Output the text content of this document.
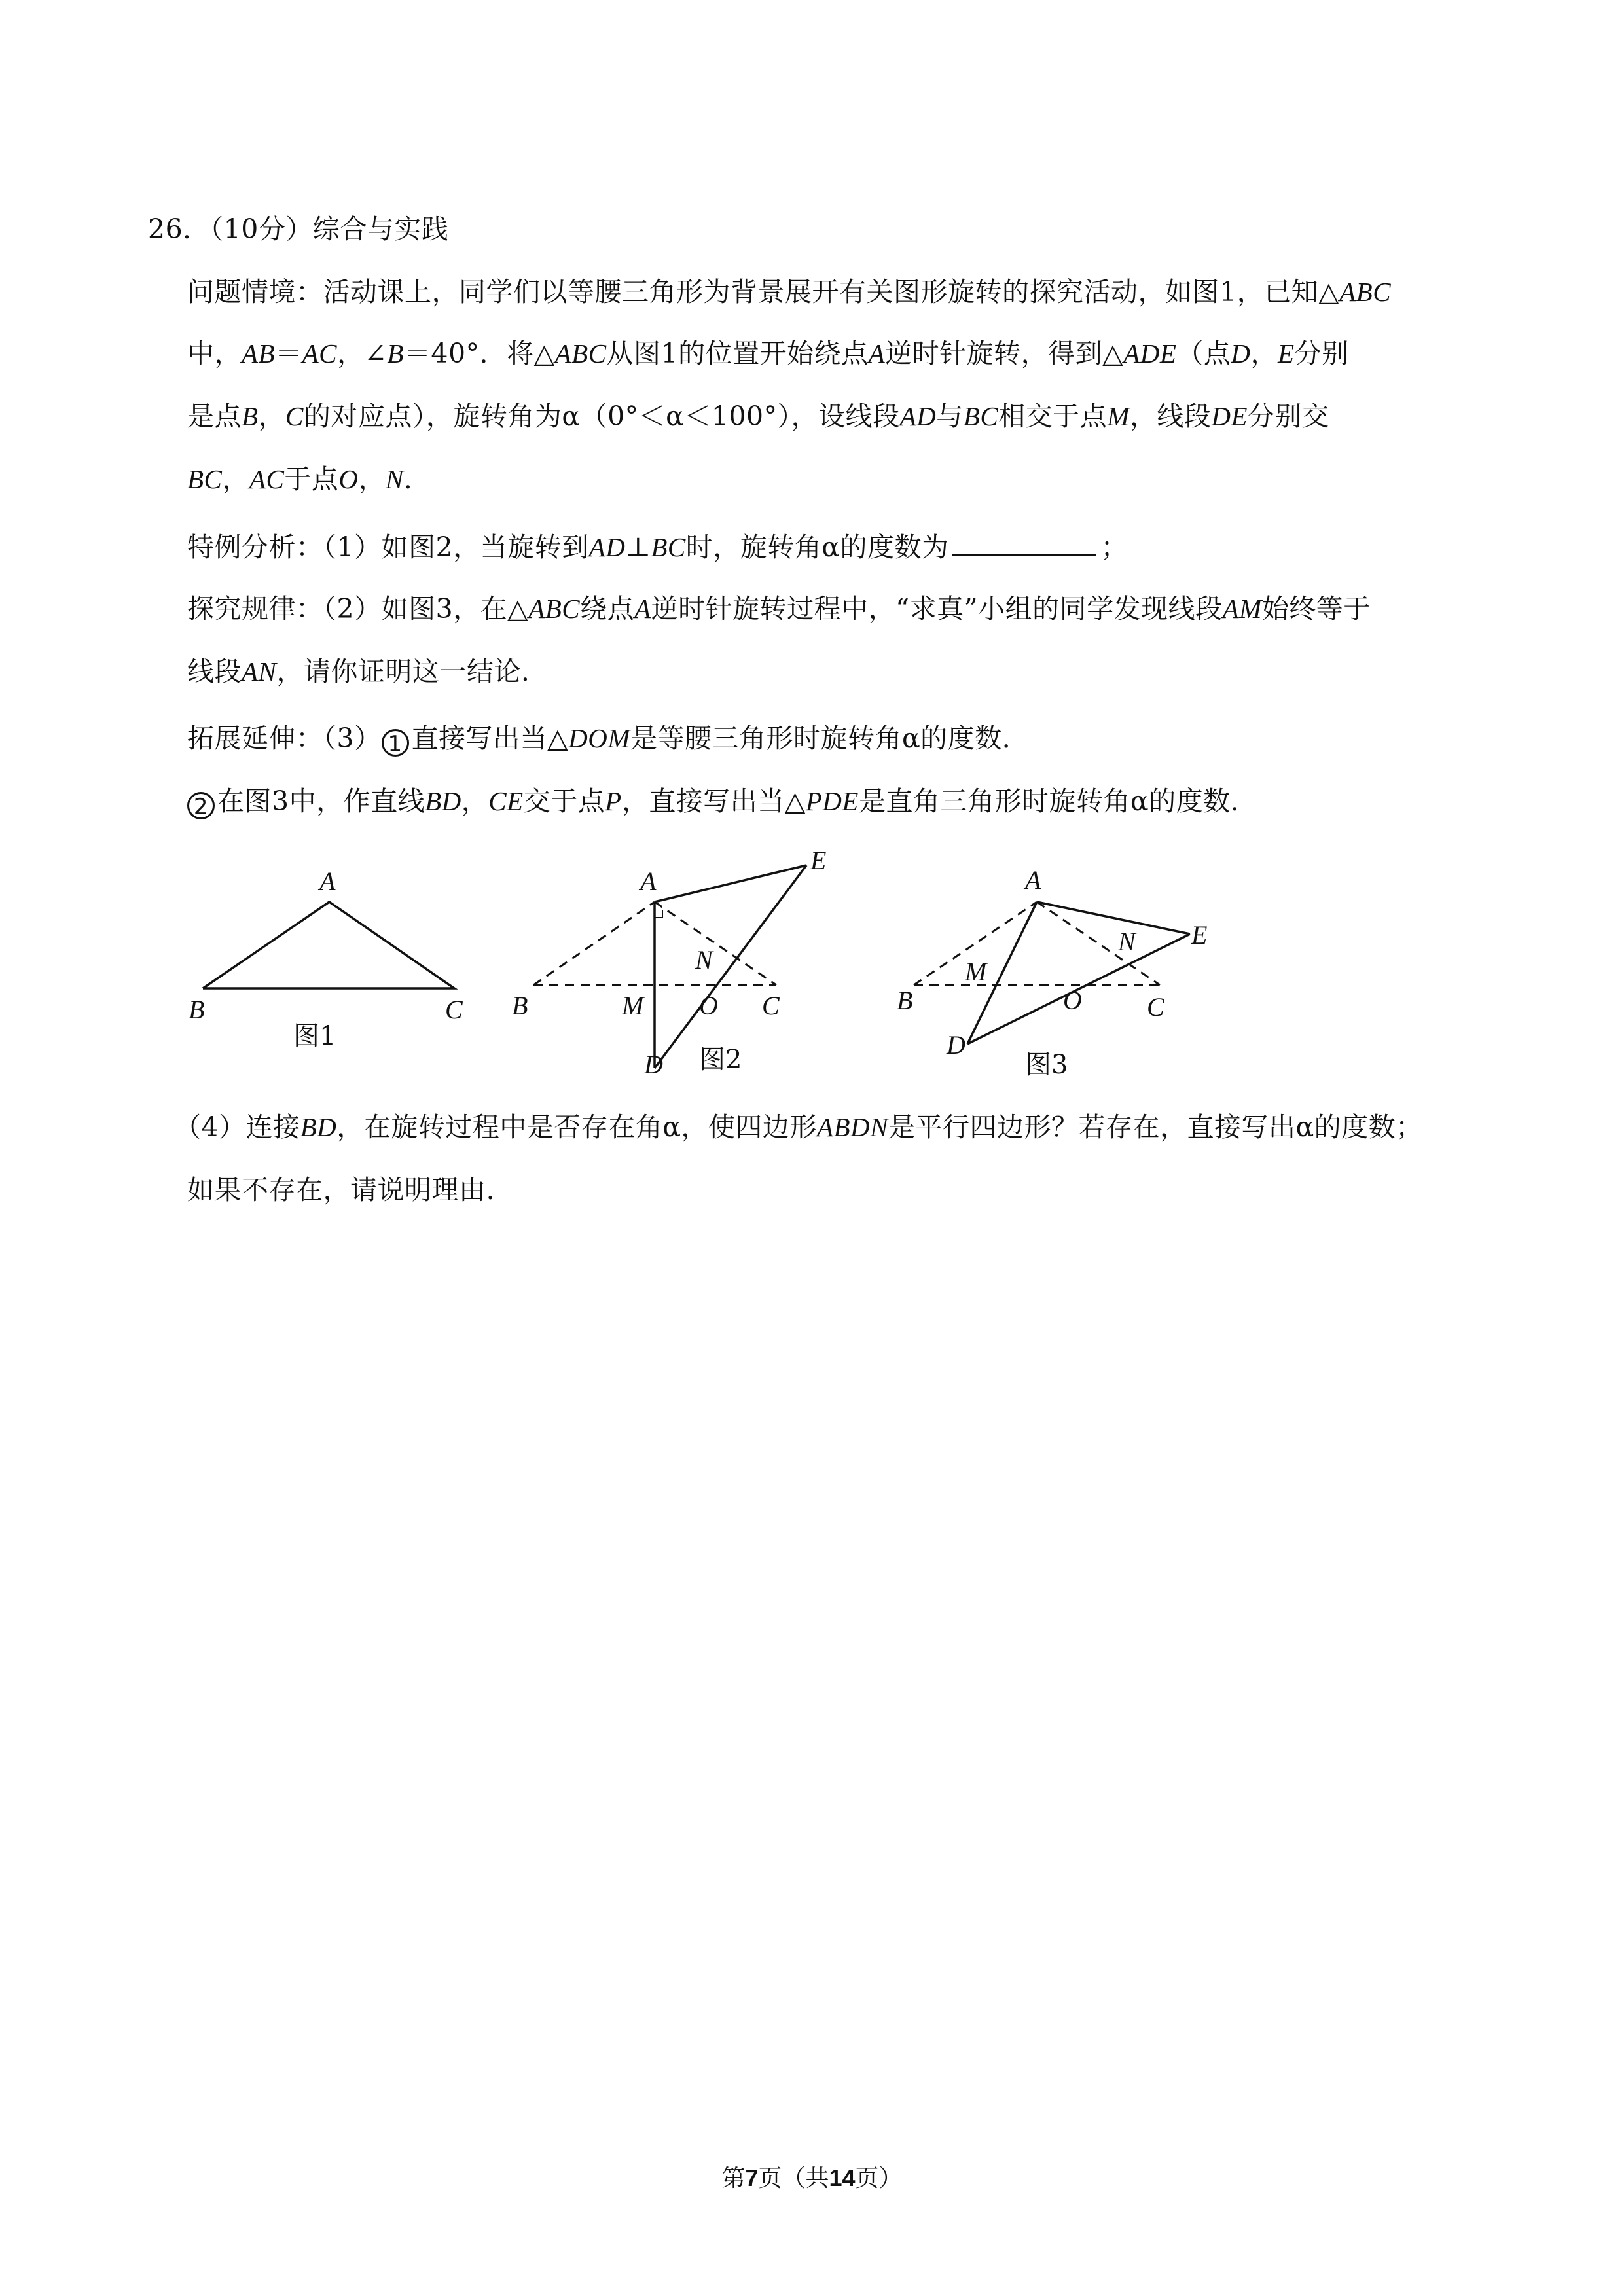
26．（10分）综合与实践
问题情境：活动课上，同学们以等腰三角形为背景展开有关图形旋转的探究活动，如图1，已知△ABC
中，AB＝AC，∠B＝40°．将△ABC从图1的位置开始绕点A逆时针旋转，得到△ADE（点D，E分别
是点B，C的对应点），旋转角为α（0°＜α＜100°），设线段AD与BC相交于点M，线段DE分别交
BC，AC于点O，N.
特例分析：（1）如图2，当旋转到AD⊥BC时，旋转角α的度数为	；
探究规律：（2）如图3，在△ABC绕点A逆时针旋转过程中，“求真”小组的同学发现线段AM始终等于
线段AN，请你证明这一结论.
拓展延伸：（3） 1 直接写出当△DOM是等腰三角形时旋转角α的度数.
2 在图3中，作直线BD，CE交于点P，直接写出当△PDE是直角三角形时旋转角α的度数.
A
B	C
图1
A
E
N
B	M O C
D 图2
A
E
N
M
B	O C
D
图3
（4）连接BD，在旋转过程中是否存在角α，使四边形ABDN是平行四边形？若存在，直接写出α的度数；
如果不存在，请说明理由.
第7页（共14页）
